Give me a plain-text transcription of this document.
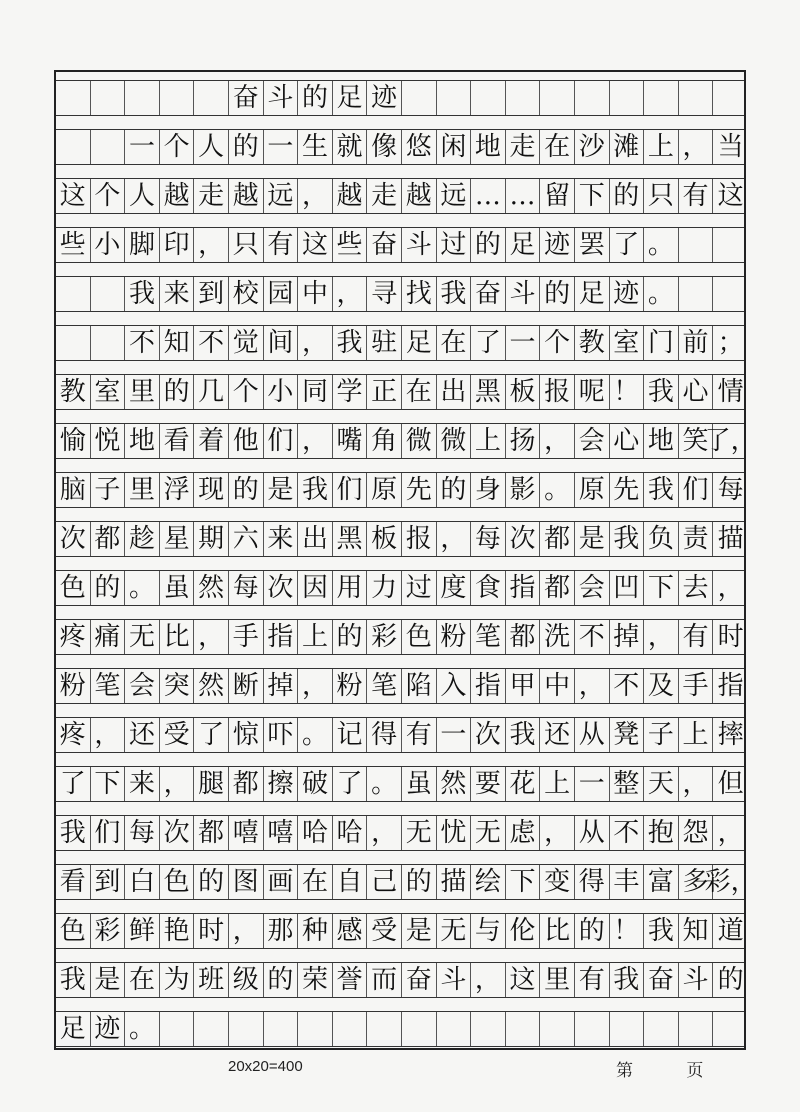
奋 斗 的 足 迹
一 个 人 的 一 生 就 像 悠 闲 地 走 在 沙 滩 上 ， 当
这 个 人 越 走 越 远 ， 越 走 越 远 … … 留 下 的 只 有 这
些 小 脚 印 ， 只 有 这 些 奋 斗 过 的 足 迹 罢 了 。
我 来 到 校 园 中 ， 寻 找 我 奋 斗 的 足 迹 。
不 知 不 觉 间 ， 我 驻 足 在 了 一 个 教 室 门 前 ；
教 室 里 的 几 个 小 同 学 正 在 出 黑 板 报 呢 ！ 我 心 情
愉 悦 地 看 着 他 们 ， 嘴 角 微 微 上 扬 ， 会 心 地 笑
了，
脑 子 里 浮 现 的 是 我 们 原 先 的 身 影 。 原 先 我 们 每
次 都 趁 星 期 六 来 出 黑 板 报 ， 每 次 都 是 我 负 责 描
色 的 。 虽 然 每 次 因 用 力 过 度 食 指 都 会 凹 下 去 ，
疼 痛 无 比 ， 手 指 上 的 彩 色 粉 笔 都 洗 不 掉 ， 有 时
粉 笔 会 突 然 断 掉 ， 粉 笔 陷 入 指 甲 中 ， 不 及 手 指
疼 ， 还 受 了 惊 吓 。 记 得 有 一 次 我 还 从 凳 子 上 摔
了 下 来 ， 腿 都 擦 破 了 。 虽 然 要 花 上 一 整 天 ， 但
我 们 每 次 都 嘻 嘻 哈 哈 ， 无 忧 无 虑 ， 从 不 抱 怨 ，
看 到 白 色 的 图 画 在 自 己 的 描 绘 下 变 得 丰 富 多
彩，
色 彩 鲜 艳 时 ， 那 种 感 受 是 无 与 伦 比 的 ！ 我 知 道
我 是 在 为 班 级 的 荣 誉 而 奋 斗 ， 这 里 有 我 奋 斗 的
足 迹 。
20x20=400	第 页
